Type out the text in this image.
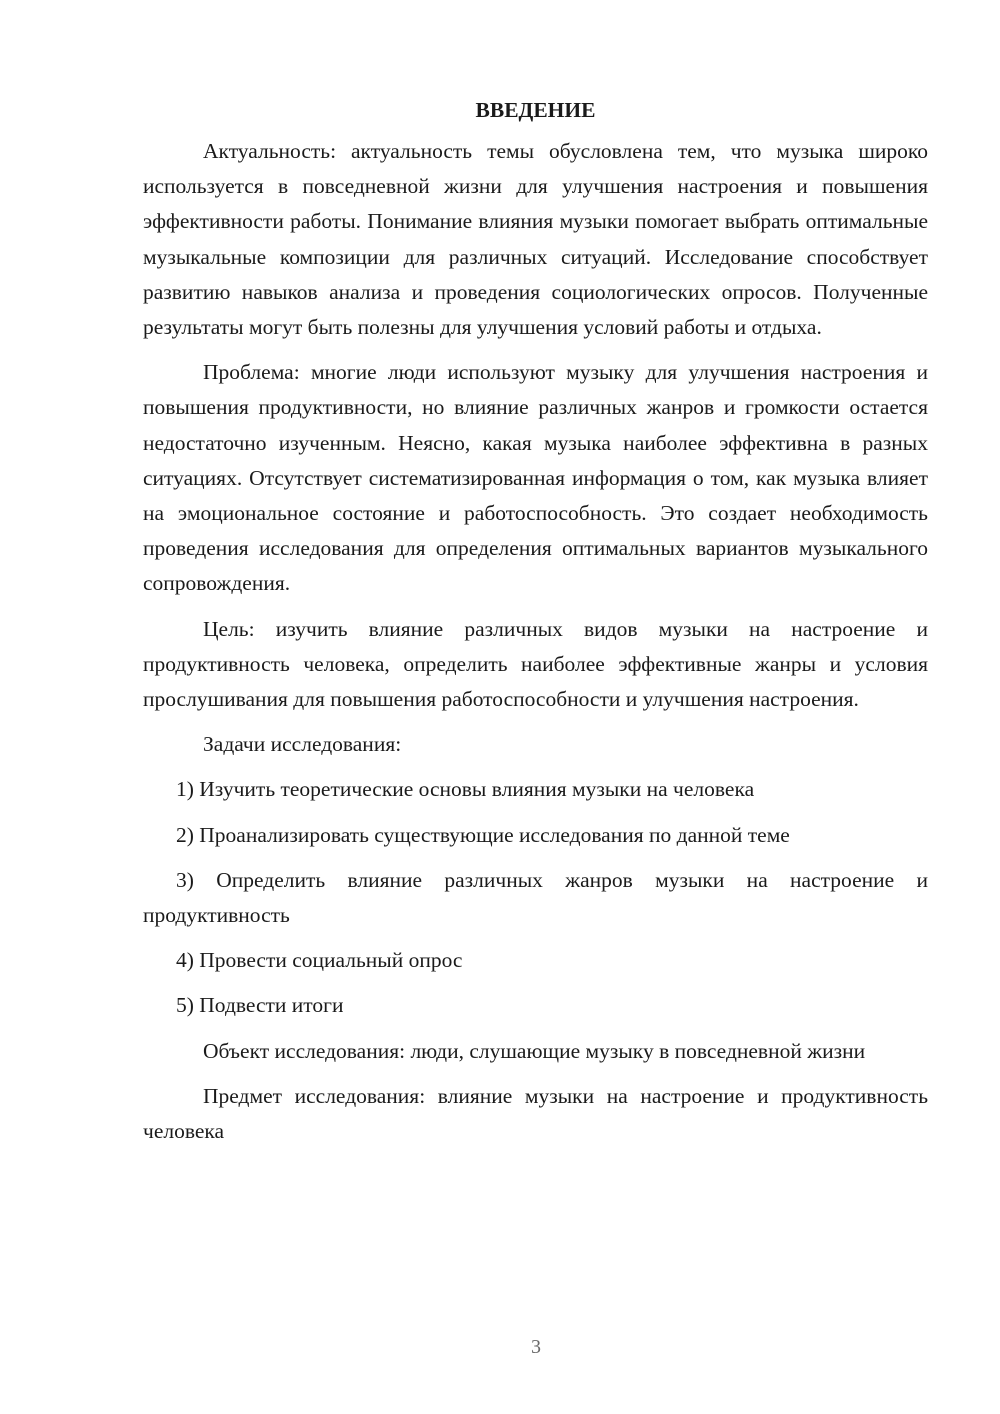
ВВЕДЕНИЕ

Актуальность: актуальность темы обусловлена тем, что музыка широко используется в повседневной жизни для улучшения настроения и повышения эффективности работы. Понимание влияния музыки помогает выбрать оптимальные музыкальные композиции для различных ситуаций. Исследование способствует развитию навыков анализа и проведения социологических опросов. Полученные результаты могут быть полезны для улучшения условий работы и отдыха.

Проблема: многие люди используют музыку для улучшения настроения и повышения продуктивности, но влияние различных жанров и громкости остается недостаточно изученным. Неясно, какая музыка наиболее эффективна в разных ситуациях. Отсутствует систематизированная информация о том, как музыка влияет на эмоциональное состояние и работоспособность. Это создает необходимость проведения исследования для определения оптимальных вариантов музыкального сопровождения.

Цель: изучить влияние различных видов музыки на настроение и продуктивность человека, определить наиболее эффективные жанры и условия прослушивания для повышения работоспособности и улучшения настроения.

Задачи исследования:

1) Изучить теоретические основы влияния музыки на человека

2) Проанализировать существующие исследования по данной теме

3) Определить влияние различных жанров музыки на настроение и продуктивность

4) Провести социальный опрос

5) Подвести итоги

Объект исследования: люди, слушающие музыку в повседневной жизни

Предмет исследования: влияние музыки на настроение и продуктивность человека

3
